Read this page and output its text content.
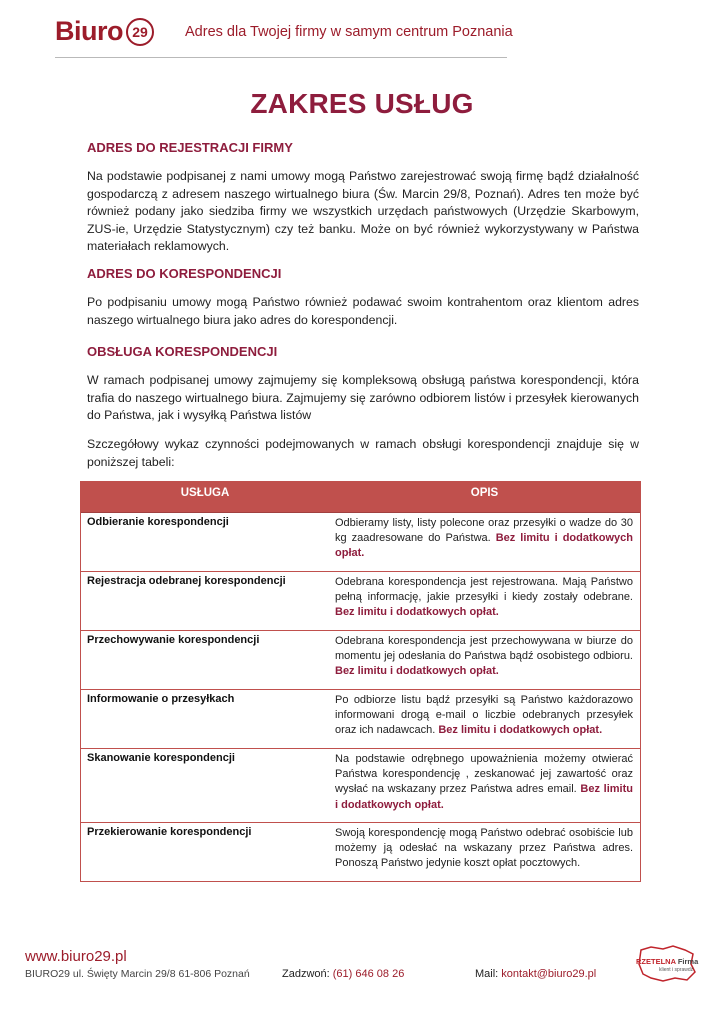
Biuro 29	Adres dla Twojej firmy w samym centrum Poznania
ZAKRES USŁUG
ADRES DO REJESTRACJI FIRMY

Na podstawie podpisanej z nami umowy mogą Państwo zarejestrować swoją firmę bądź działalność gospodarczą z adresem naszego wirtualnego biura (Św. Marcin 29/8, Poznań). Adres ten może być również podany jako siedziba firmy we wszystkich urzędach państwowych (Urzędzie Skarbowym, ZUS-ie, Urzędzie Statystycznym) czy też banku. Może on być również wykorzystywany w Państwa materiałach reklamowych.

ADRES DO KORESPONDENCJI

Po podpisaniu umowy mogą Państwo również podawać swoim kontrahentom oraz klientom adres naszego wirtualnego biura jako adres do korespondencji.

OBSŁUGA KORESPONDENCJI

W ramach podpisanej umowy zajmujemy się kompleksową obsługą państwa korespondencji, która trafia do naszego wirtualnego biura. Zajmujemy się zarówno odbiorem listów i przesyłek kierowanych do Państwa, jak i wysyłką Państwa listów

Szczegółowy wykaz czynności podejmowanych w ramach obsługi korespondencji znajduje się w poniższej tabeli:

USŁUGA	OPIS
Odbieranie korespondencji	Odbieramy listy, listy polecone oraz przesyłki o wadze do 30 kg zaadresowane do Państwa. Bez limitu i dodatkowych opłat.
Rejestracja odebranej korespondencji	Odebrana korespondencja jest rejestrowana. Mają Państwo pełną informację, jakie przesyłki i kiedy zostały odebrane. Bez limitu i dodatkowych opłat.
Przechowywanie korespondencji	Odebrana korespondencja jest przechowywana w biurze do momentu jej odesłania do Państwa bądź osobistego odbioru. Bez limitu i dodatkowych opłat.
Informowanie o przesyłkach	Po odbiorze listu bądź przesyłki są Państwo każdorazowo informowani drogą e-mail o liczbie odebranych przesyłek oraz ich nadawcach. Bez limitu i dodatkowych opłat.
Skanowanie korespondencji	Na podstawie odrębnego upoważnienia możemy otwierać Państwa korespondencję , zeskanować jej zawartość oraz wysłać na wskazany przez Państwa adres email. Bez limitu i dodatkowych opłat.
Przekierowanie korespondencji	Swoją korespondencję mogą Państwo odebrać osobiście lub możemy ją odesłać na wskazany przez Państwa adres. Ponoszą Państwo jedynie koszt opłat pocztowych.
www.biuro29.pl
BIURO29 ul. Święty Marcin 29/8 61-806 Poznań	Zadzwoń: (61) 646 08 26	Mail: kontakt@biuro29.pl
RZETELNA Firma
klient i sprawdź
